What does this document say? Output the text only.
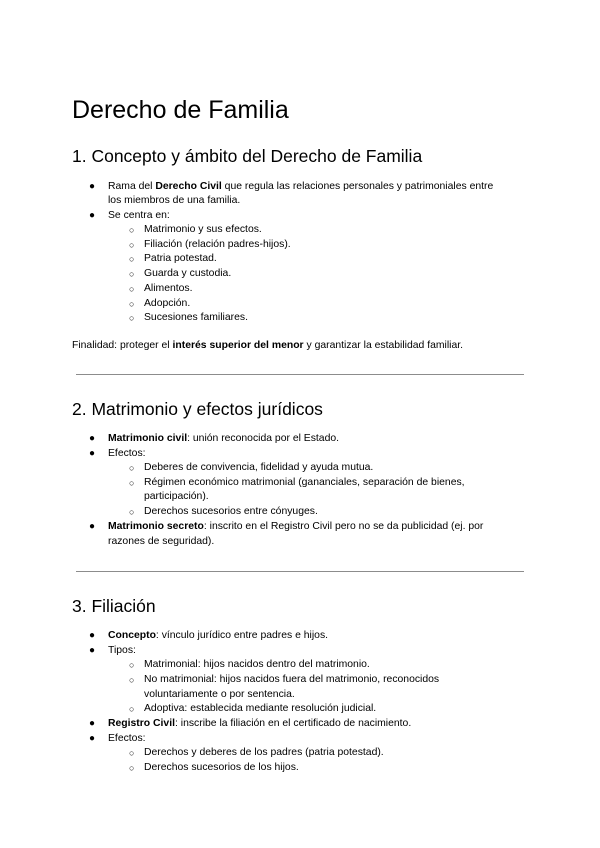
Derecho de Familia
1. Concepto y ámbito del Derecho de Familia
● Rama del Derecho Civil que regula las relaciones personales y patrimoniales entre
los miembros de una familia.
● Se centra en:
○ Matrimonio y sus efectos.
○ Filiación (relación padres-hijos).
○ Patria potestad.
○ Guarda y custodia.
○ Alimentos.
○ Adopción.
○ Sucesiones familiares.
Finalidad: proteger el interés superior del menor y garantizar la estabilidad familiar.
2. Matrimonio y efectos jurídicos
● Matrimonio civil: unión reconocida por el Estado.
● Efectos:
○ Deberes de convivencia, fidelidad y ayuda mutua.
○ Régimen económico matrimonial (gananciales, separación de bienes,
participación).
○ Derechos sucesorios entre cónyuges.
● Matrimonio secreto: inscrito en el Registro Civil pero no se da publicidad (ej. por
razones de seguridad).
3. Filiación
● Concepto: vínculo jurídico entre padres e hijos.
● Tipos:
○ Matrimonial: hijos nacidos dentro del matrimonio.
○ No matrimonial: hijos nacidos fuera del matrimonio, reconocidos
voluntariamente o por sentencia.
○ Adoptiva: establecida mediante resolución judicial.
● Registro Civil: inscribe la filiación en el certificado de nacimiento.
● Efectos:
○ Derechos y deberes de los padres (patria potestad).
○ Derechos sucesorios de los hijos.
